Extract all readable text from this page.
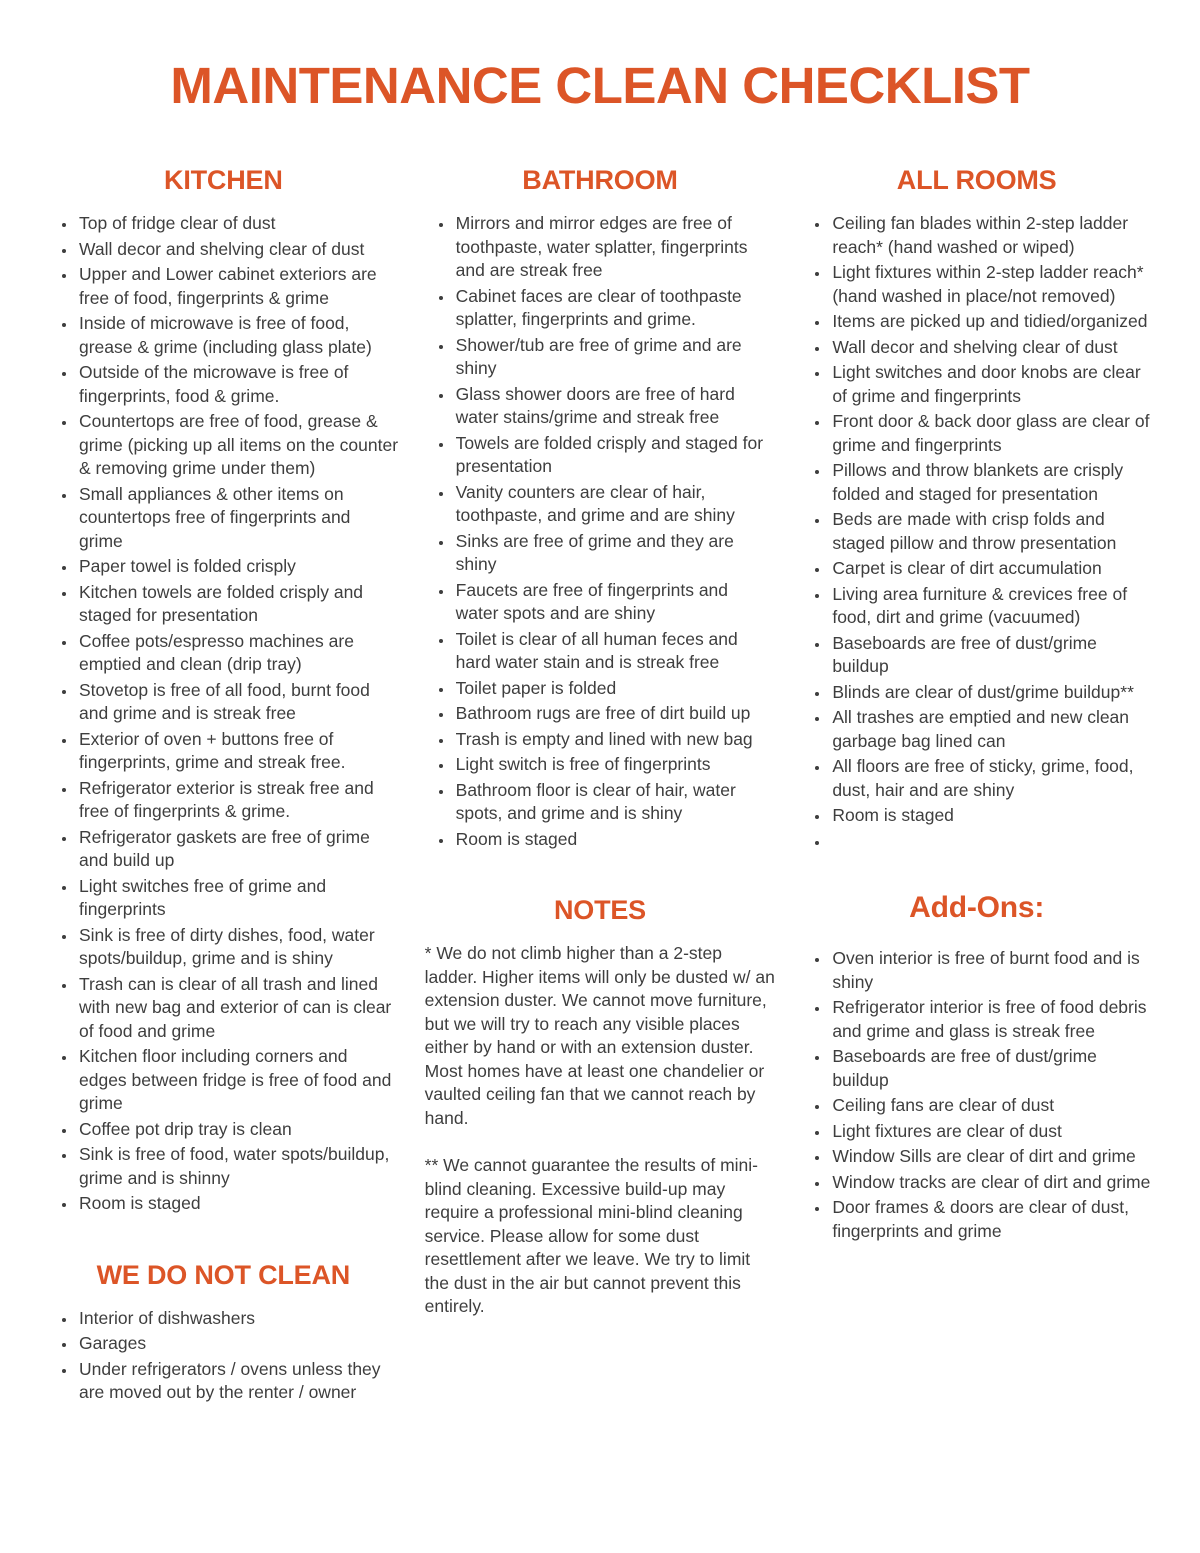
MAINTENANCE CLEAN CHECKLIST
KITCHEN
• Top of fridge clear of dust
• Wall decor and shelving clear of dust
• Upper and Lower cabinet exteriors are free of food, fingerprints & grime
• Inside of microwave is free of food, grease & grime (including glass plate)
• Outside of the microwave is free of fingerprints, food & grime.
• Countertops are free of food, grease & grime (picking up all items on the counter & removing grime under them)
• Small appliances & other items on countertops free of fingerprints and grime
• Paper towel is folded crisply
• Kitchen towels are folded crisply and staged for presentation
• Coffee pots/espresso machines are emptied and clean (drip tray)
• Stovetop is free of all food, burnt food and grime and is streak free
• Exterior of oven + buttons free of fingerprints, grime and streak free.
• Refrigerator exterior is streak free and free of fingerprints & grime.
• Refrigerator gaskets are free of grime and build up
• Light switches free of grime and fingerprints
• Sink is free of dirty dishes, food, water spots/buildup, grime and is shiny
• Trash can is clear of all trash and lined with new bag and exterior of can is clear of food and grime
• Kitchen floor including corners and edges between fridge is free of food and grime
• Coffee pot drip tray is clean
• Sink is free of food, water spots/buildup, grime and is shinny
• Room is staged
WE DO NOT CLEAN
• Interior of dishwashers
• Garages
• Under refrigerators / ovens unless they are moved out by the renter / owner
BATHROOM
• Mirrors and mirror edges are free of toothpaste, water splatter, fingerprints and are streak free
• Cabinet faces are clear of toothpaste splatter, fingerprints and grime.
• Shower/tub are free of grime and are shiny
• Glass shower doors are free of hard water stains/grime and streak free
• Towels are folded crisply and staged for presentation
• Vanity counters are clear of hair, toothpaste, and grime and are shiny
• Sinks are free of grime and they are shiny
• Faucets are free of fingerprints and water spots and are shiny
• Toilet is clear of all human feces and hard water stain and is streak free
• Toilet paper is folded
• Bathroom rugs are free of dirt build up
• Trash is empty and lined with new bag
• Light switch is free of fingerprints
• Bathroom floor is clear of hair, water spots, and grime and is shiny
• Room is staged
NOTES

* We do not climb higher than a 2-step ladder. Higher items will only be dusted w/ an extension duster. We cannot move furniture, but we will try to reach any visible places either by hand or with an extension duster. Most homes have at least one chandelier or vaulted ceiling fan that we cannot reach by hand.

** We cannot guarantee the results of mini-blind cleaning. Excessive build-up may require a professional mini-blind cleaning service. Please allow for some dust resettlement after we leave. We try to limit the dust in the air but cannot prevent this entirely.

ALL ROOMS
• Ceiling fan blades within 2-step ladder reach* (hand washed or wiped)
• Light fixtures within 2-step ladder reach* (hand washed in place/not removed)
• Items are picked up and tidied/organized
• Wall decor and shelving clear of dust
• Light switches and door knobs are clear of grime and fingerprints
• Front door & back door glass are clear of grime and fingerprints
• Pillows and throw blankets are crisply folded and staged for presentation
• Beds are made with crisp folds and staged pillow and throw presentation
• Carpet is clear of dirt accumulation
• Living area furniture & crevices free of food, dirt and grime (vacuumed)
• Baseboards are free of dust/grime buildup
• Blinds are clear of dust/grime buildup**
• All trashes are emptied and new clean garbage bag lined can
• All floors are free of sticky, grime, food, dust, hair and are shiny
• Room is staged
•
Add-Ons:
• Oven interior is free of burnt food and is shiny
• Refrigerator interior is free of food debris and grime and glass is streak free
• Baseboards are free of dust/grime buildup
• Ceiling fans are clear of dust
• Light fixtures are clear of dust
• Window Sills are clear of dirt and grime
• Window tracks are clear of dirt and grime
• Door frames & doors are clear of dust, fingerprints and grime
